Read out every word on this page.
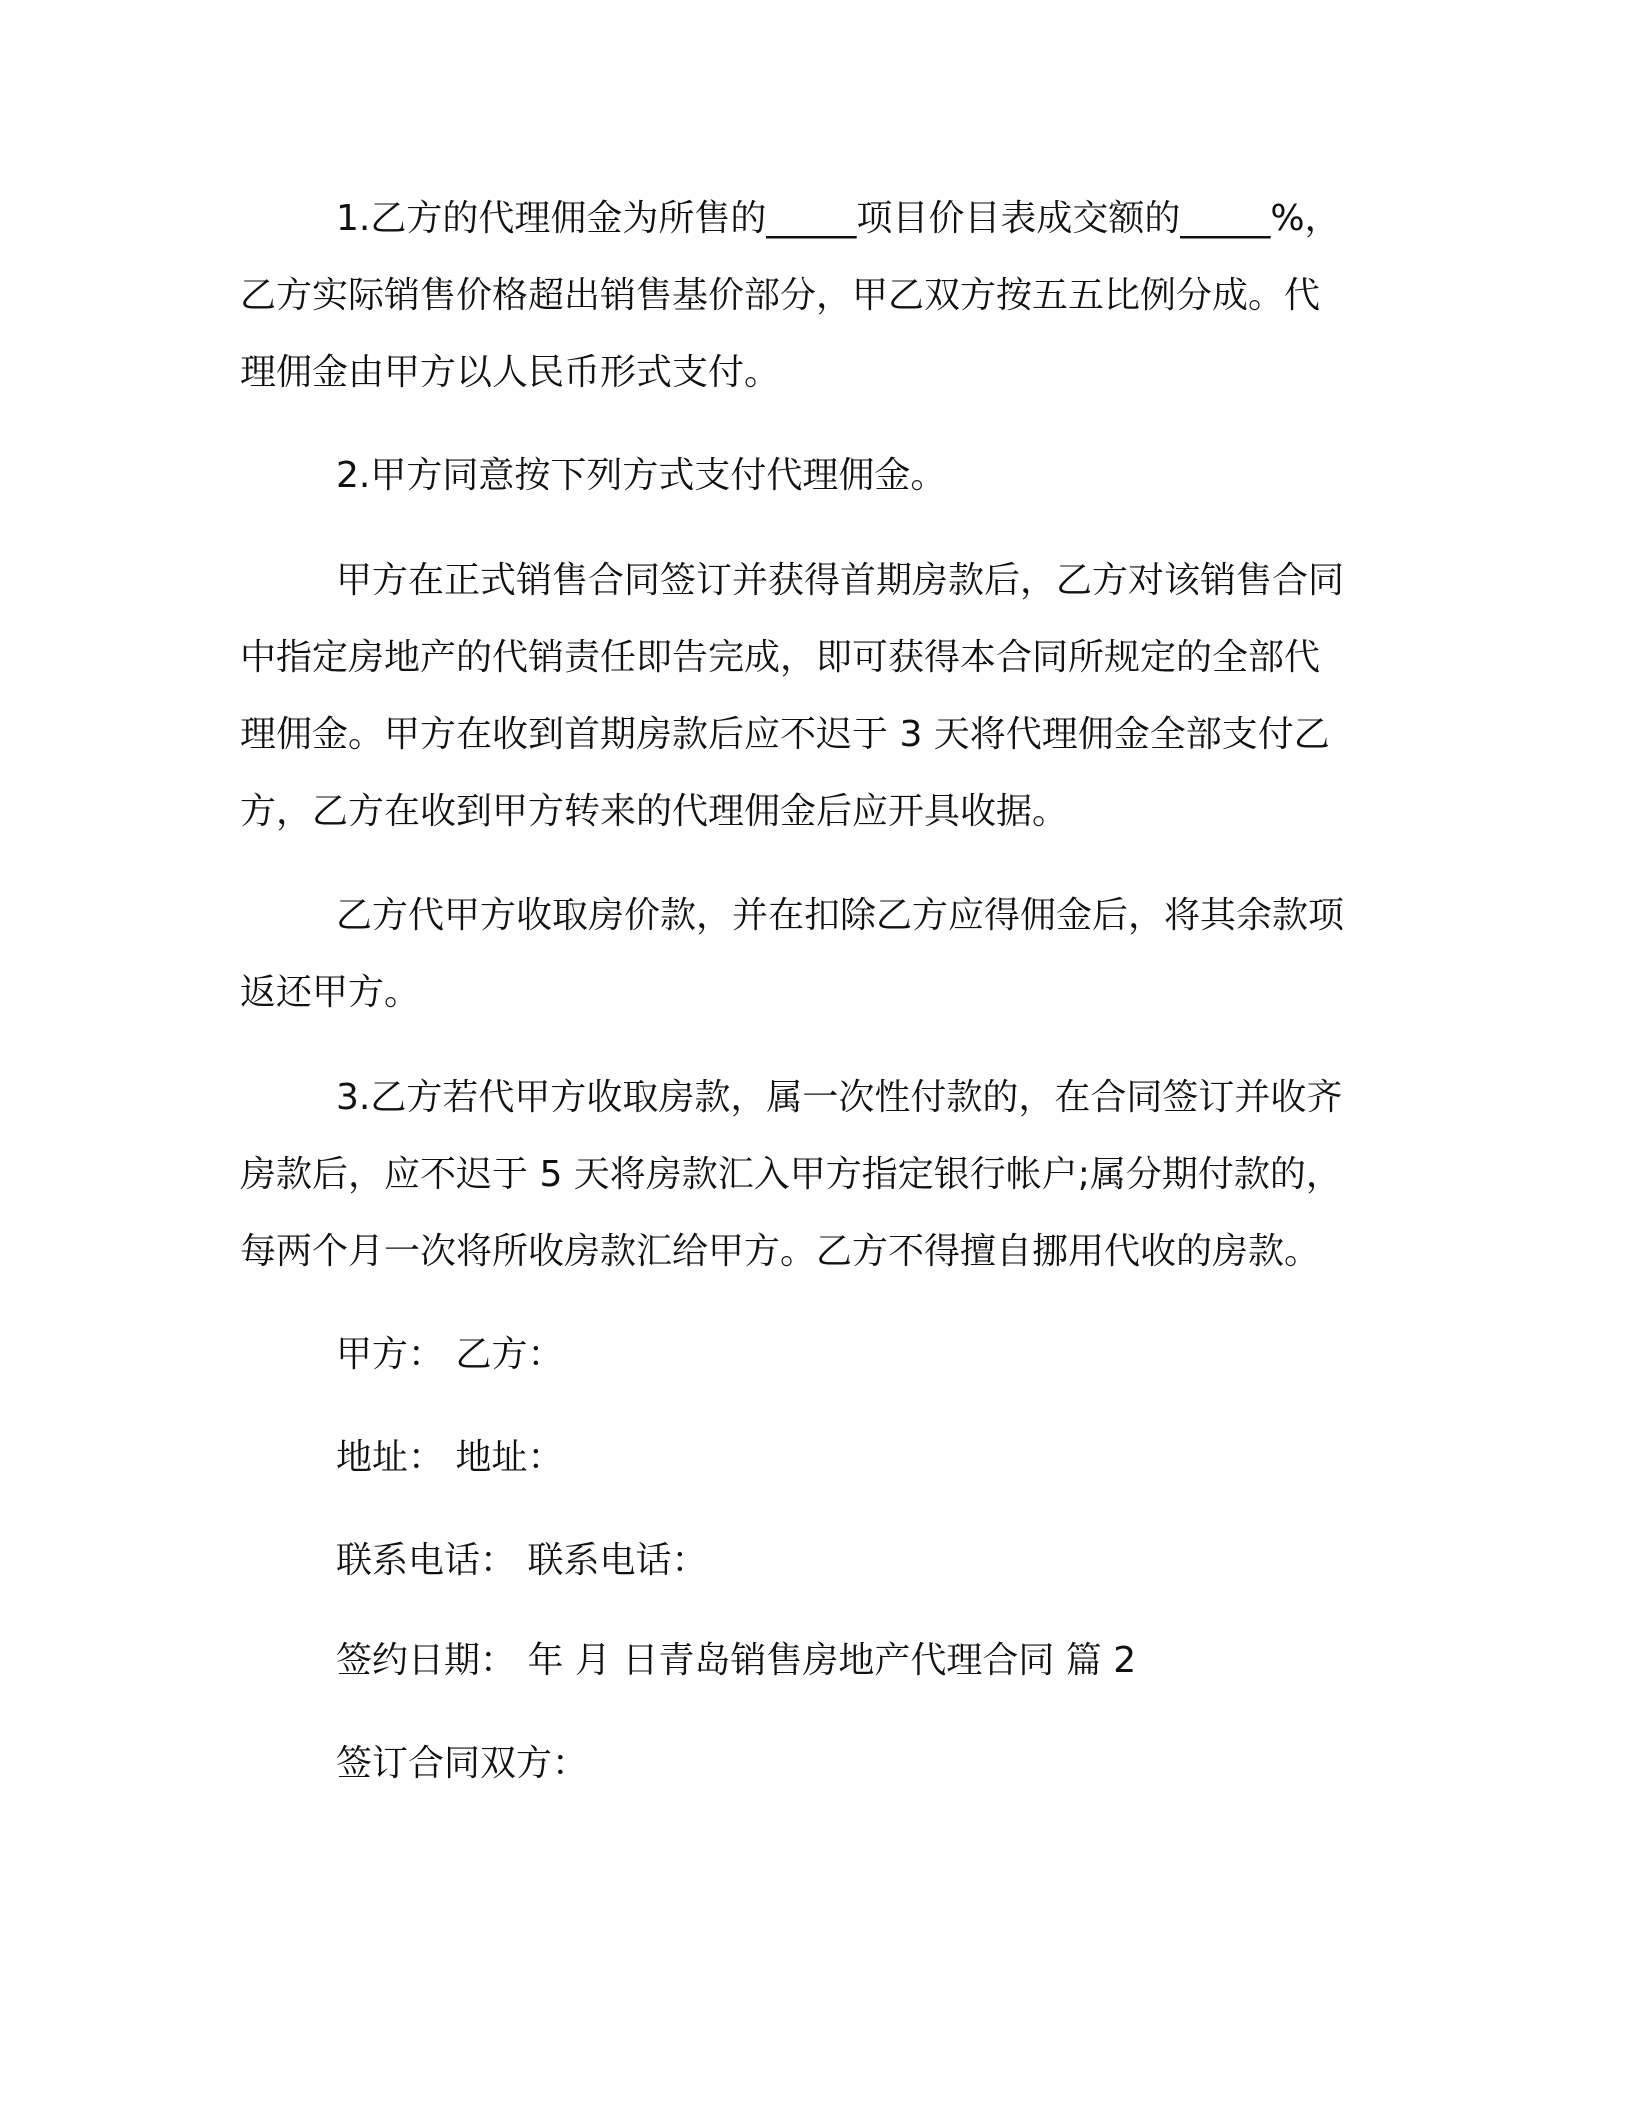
1.乙方的代理佣金为所售的_____项目价目表成交额的_____%，
乙方实际销售价格超出销售基价部分，甲乙双方按五五比例分成。代
理佣金由甲方以人民币形式支付。
2.甲方同意按下列方式支付代理佣金。
甲方在正式销售合同签订并获得首期房款后，乙方对该销售合同
中指定房地产的代销责任即告完成，即可获得本合同所规定的全部代
理佣金。甲方在收到首期房款后应不迟于 3 天将代理佣金全部支付乙
方，乙方在收到甲方转来的代理佣金后应开具收据。
乙方代甲方收取房价款，并在扣除乙方应得佣金后，将其余款项
返还甲方。
3.乙方若代甲方收取房款，属一次性付款的，在合同签订并收齐
房款后，应不迟于 5 天将房款汇入甲方指定银行帐户;属分期付款的，
每两个月一次将所收房款汇给甲方。乙方不得擅自挪用代收的房款。
甲方： 乙方：
地址： 地址：
联系电话： 联系电话：
签约日期： 年 月 日青岛销售房地产代理合同 篇 2
签订合同双方：
